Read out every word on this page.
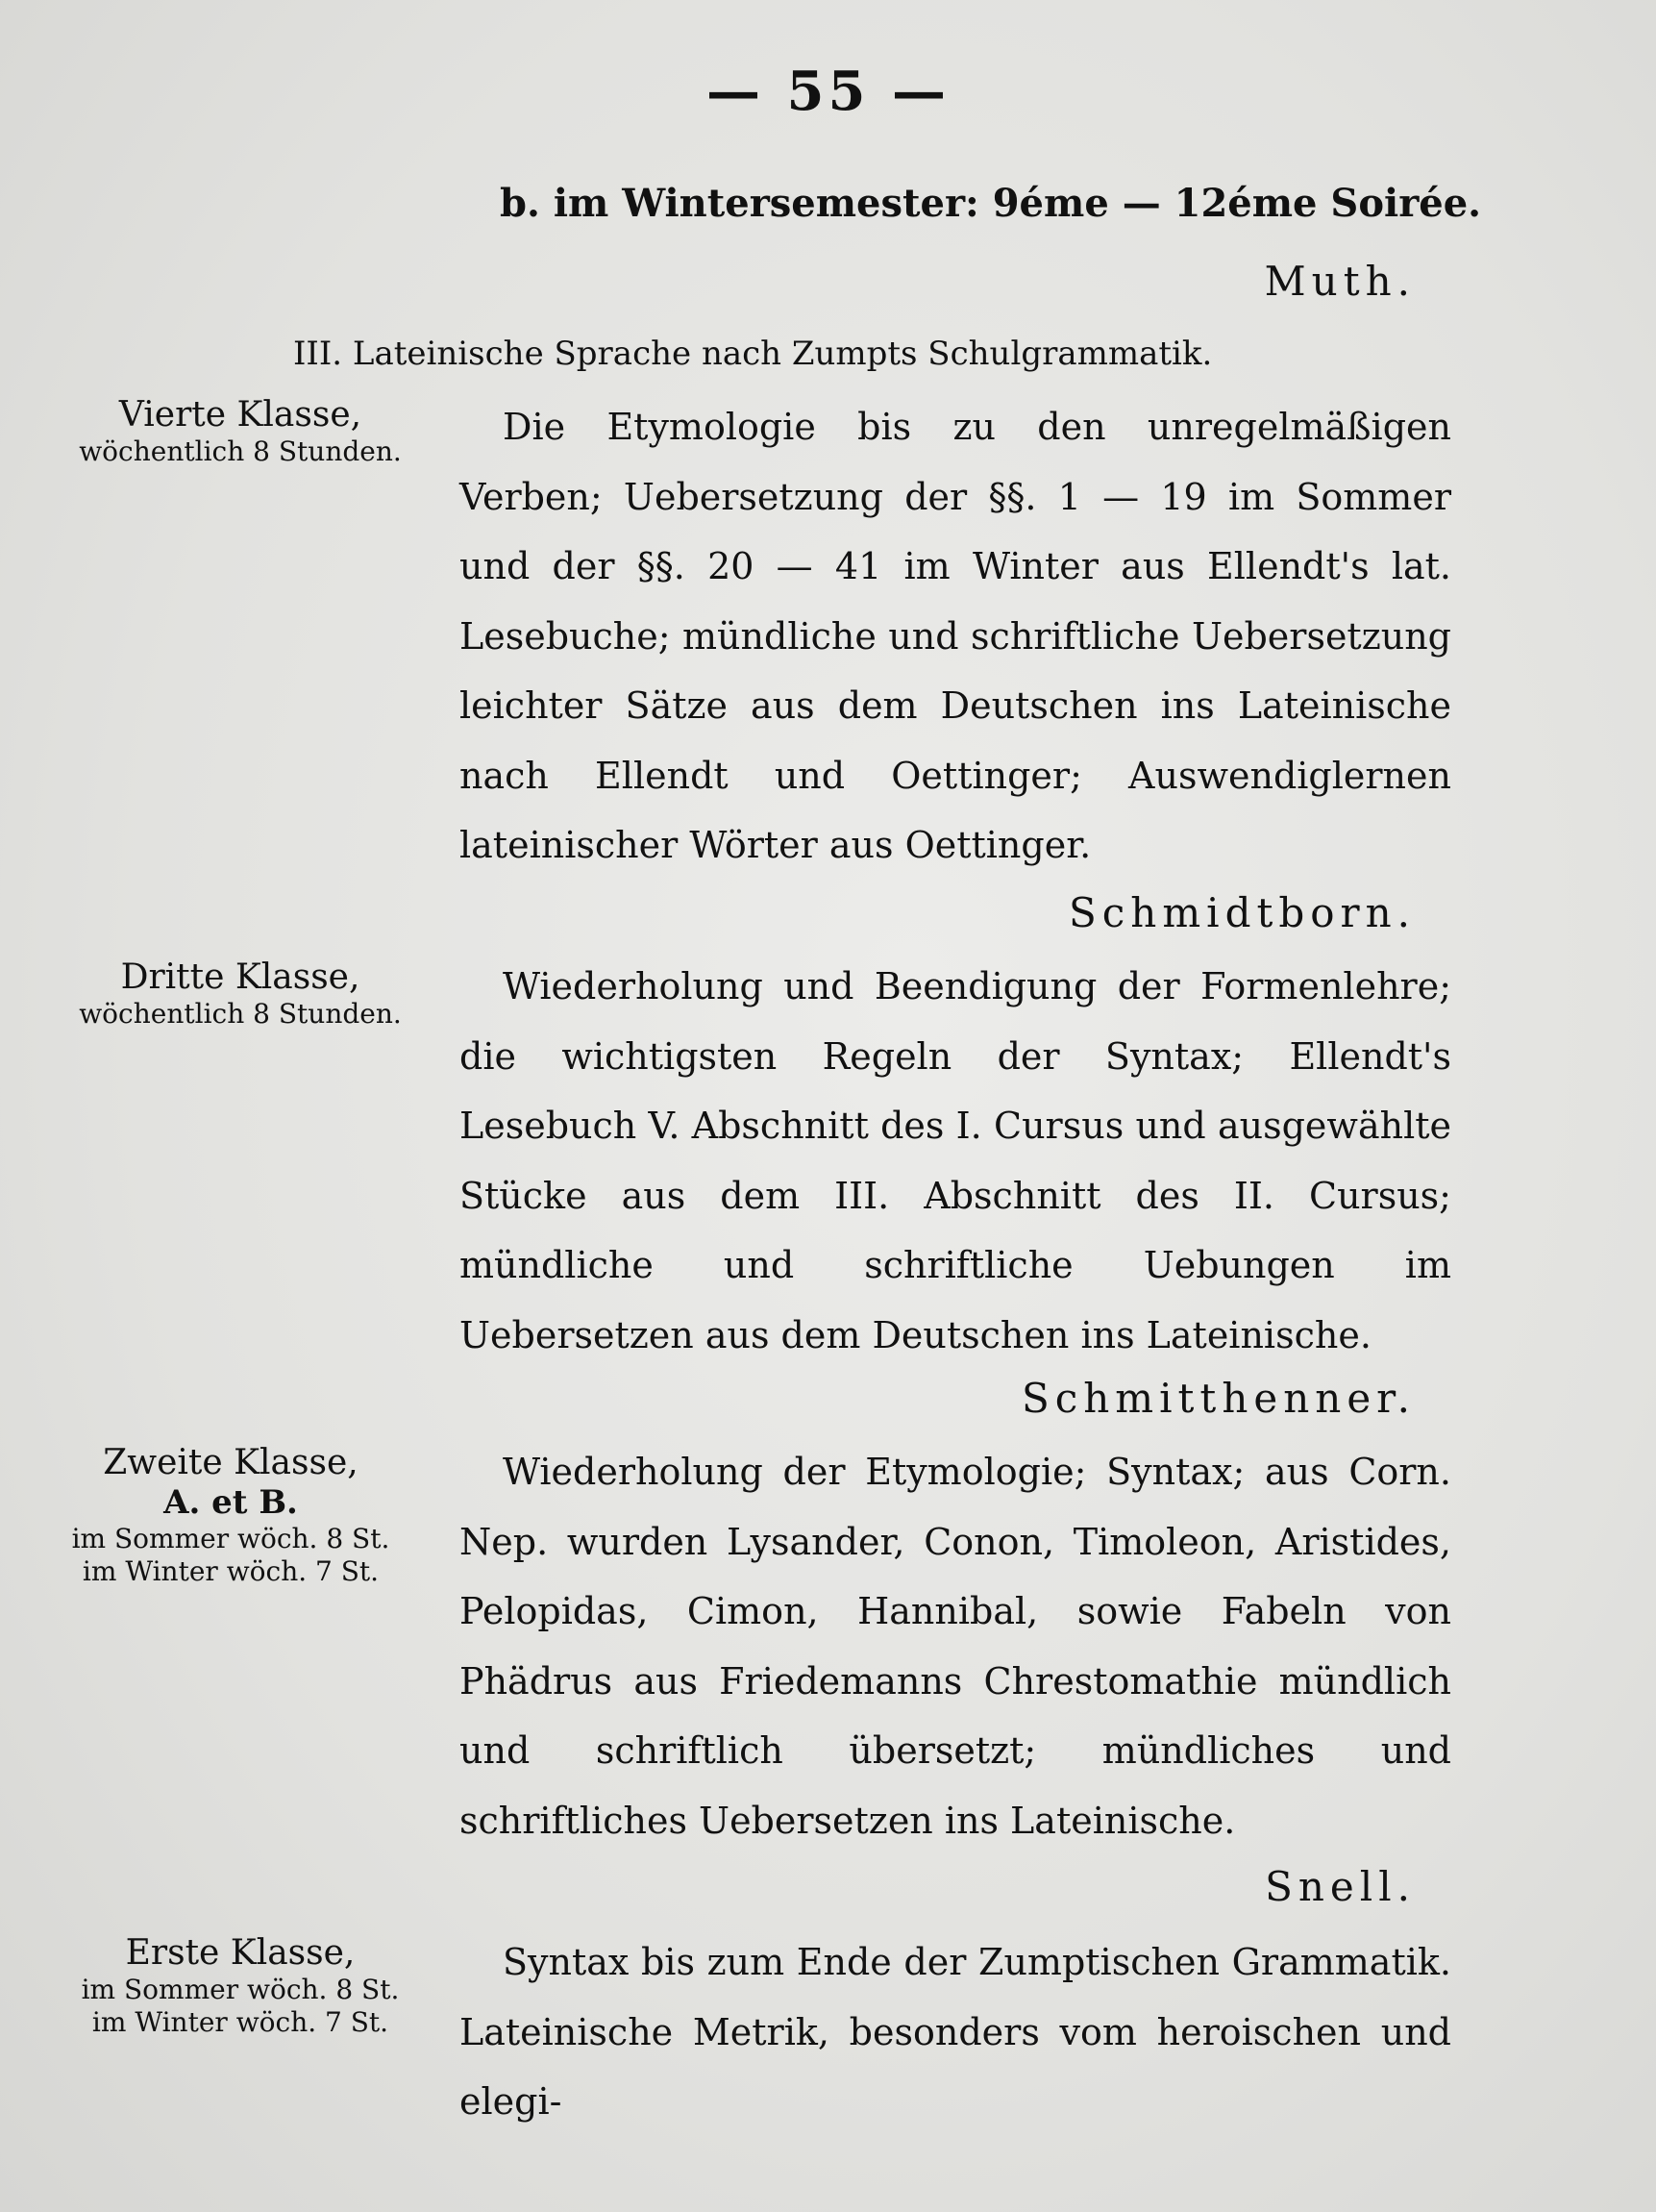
— 55 —
b. im Wintersemester: 9éme — 12éme Soirée.
Muth.
III. Lateinische Sprache nach Zumpts Schulgrammatik.
Vierte Klasse,
wöchentlich 8 Stunden.

Die Etymologie bis zu den unregelmäßigen Verben; Uebersetzung der §§. 1 — 19 im Sommer und der §§. 20 — 41 im Winter aus Ellendt's lat. Lesebuche; mündliche und schriftliche Uebersetzung leichter Sätze aus dem Deutschen ins Lateinische nach Ellendt und Oettinger; Auswendiglernen lateinischer Wörter aus Oettinger.

Schmidtborn.
Dritte Klasse,
wöchentlich 8 Stunden.

Wiederholung und Beendigung der Formenlehre; die wichtigsten Regeln der Syntax; Ellendt's Lesebuch V. Abschnitt des I. Cursus und ausgewählte Stücke aus dem III. Abschnitt des II. Cursus; mündliche und schriftliche Uebungen im Uebersetzen aus dem Deutschen ins Lateinische.

Schmitthenner.
Zweite Klasse,
A. et B.
im Sommer wöch. 8 St.
im Winter wöch. 7 St.

Wiederholung der Etymologie; Syntax; aus Corn. Nep. wurden Lysander, Conon, Timoleon, Aristides, Pelopidas, Cimon, Hannibal, sowie Fabeln von Phädrus aus Friedemanns Chrestomathie mündlich und schriftlich übersetzt; mündliches und schriftliches Uebersetzen ins Lateinische.

Snell.
Erste Klasse,
im Sommer wöch. 8 St.
im Winter wöch. 7 St.

Syntax bis zum Ende der Zumptischen Grammatik. Lateinische Metrik, besonders vom heroischen und elegi-
